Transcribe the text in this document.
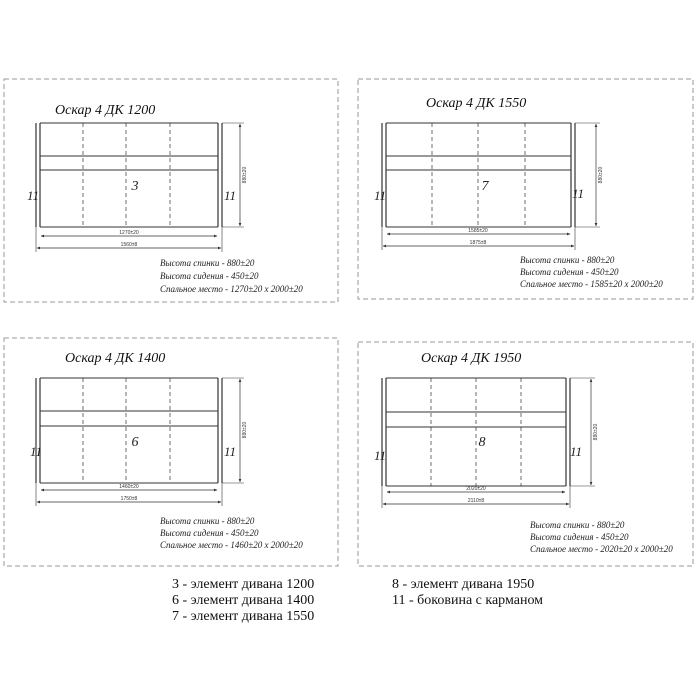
Оскар 4 ДК 1200
3
11	11
880±20
1270±20
1560±8
Высота спинки - 880±20
Высота сидения - 450±20
Спальное место - 1270±20 х 2000±20
Оскар 4 ДК 1550
7
11	11
880±20
1585±20
1875±8
Высота спинки - 880±20
Высота сидения - 450±20
Спальное место - 1585±20 х 2000±20
Оскар 4 ДК 1400
6
11	11
880±20
1460±20
1750±8
Высота спинки - 880±20
Высота сидения - 450±20
Спальное место - 1460±20 х 2000±20
Оскар 4 ДК 1950
8
11	11
880±20
2020±20
2110±8
Высота спинки - 880±20
Высота сидения - 450±20
Спальное место - 2020±20 х 2000±20
3 - элемент дивана 1200
6 - элемент дивана 1400
7 - элемент дивана 1550
8 - элемент дивана 1950
11 - боковина с карманом
